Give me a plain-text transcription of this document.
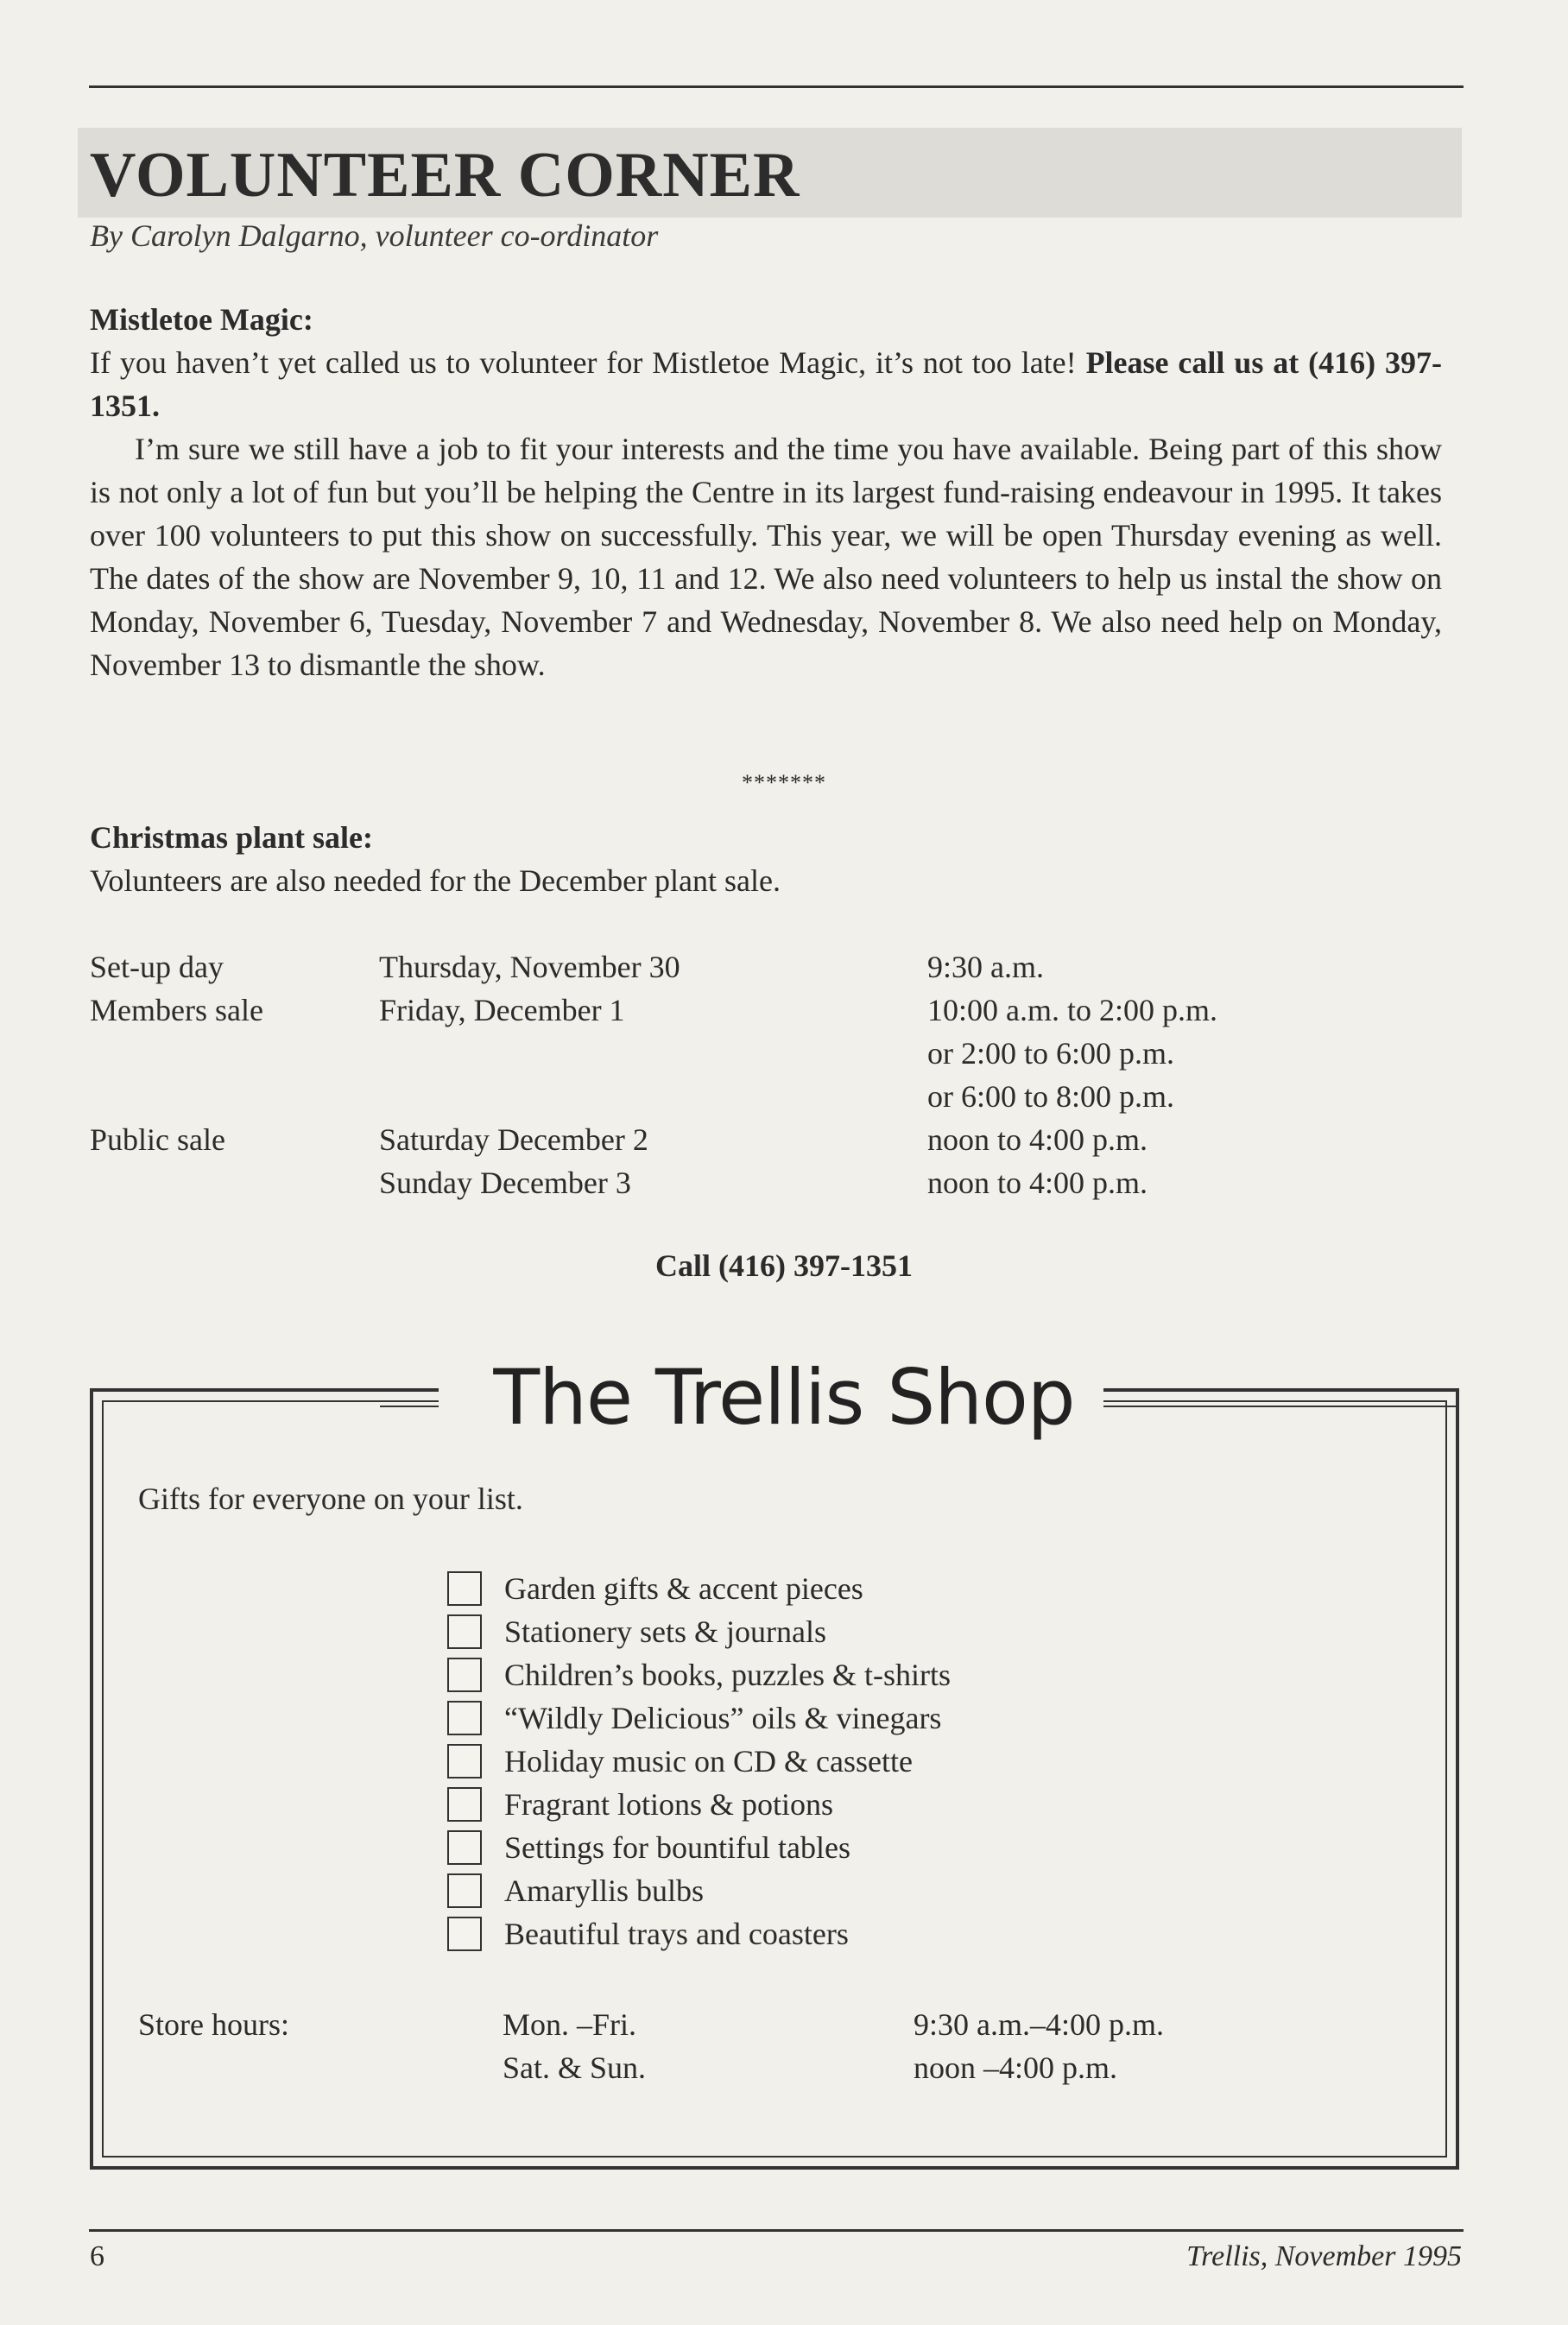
VOLUNTEER CORNER
By Carolyn Dalgarno, volunteer co-ordinator
Mistletoe Magic:

If you haven’t yet called us to volunteer for Mistletoe Magic, it’s not too late! Please call us at (416) 397-1351.

I’m sure we still have a job to fit your interests and the time you have available. Being part of this show is not only a lot of fun but you’ll be helping the Centre in its largest fund-raising endeavour in 1995. It takes over 100 volunteers to put this show on successfully. This year, we will be open Thursday evening as well. The dates of the show are November 9, 10, 11 and 12. We also need volunteers to help us instal the show on Monday, November 6, Tuesday, November 7 and Wednesday, November 8. We also need help on Monday, November 13 to dismantle the show.

*******
Christmas plant sale:

Volunteers are also needed for the December plant sale.

Set-up day	Thursday, November 30	9:30 a.m.
Members sale	Friday, December 1	10:00 a.m. to 2:00 p.m.
or 2:00 to 6:00 p.m.
or 6:00 to 8:00 p.m.
Public sale	Saturday December 2	noon to 4:00 p.m.
Sunday December 3	noon to 4:00 p.m.
Call (416) 397-1351
The Trellis Shop
Gifts for everyone on your list.
Garden gifts & accent pieces
Stationery sets & journals
Children’s books, puzzles & t-shirts
“Wildly Delicious” oils & vinegars
Holiday music on CD & cassette
Fragrant lotions & potions
Settings for bountiful tables
Amaryllis bulbs
Beautiful trays and coasters
Store hours:	Mon. –Fri.	9:30 a.m.–4:00 p.m.
Sat. & Sun.	noon –4:00 p.m.
6	Trellis, November 1995
